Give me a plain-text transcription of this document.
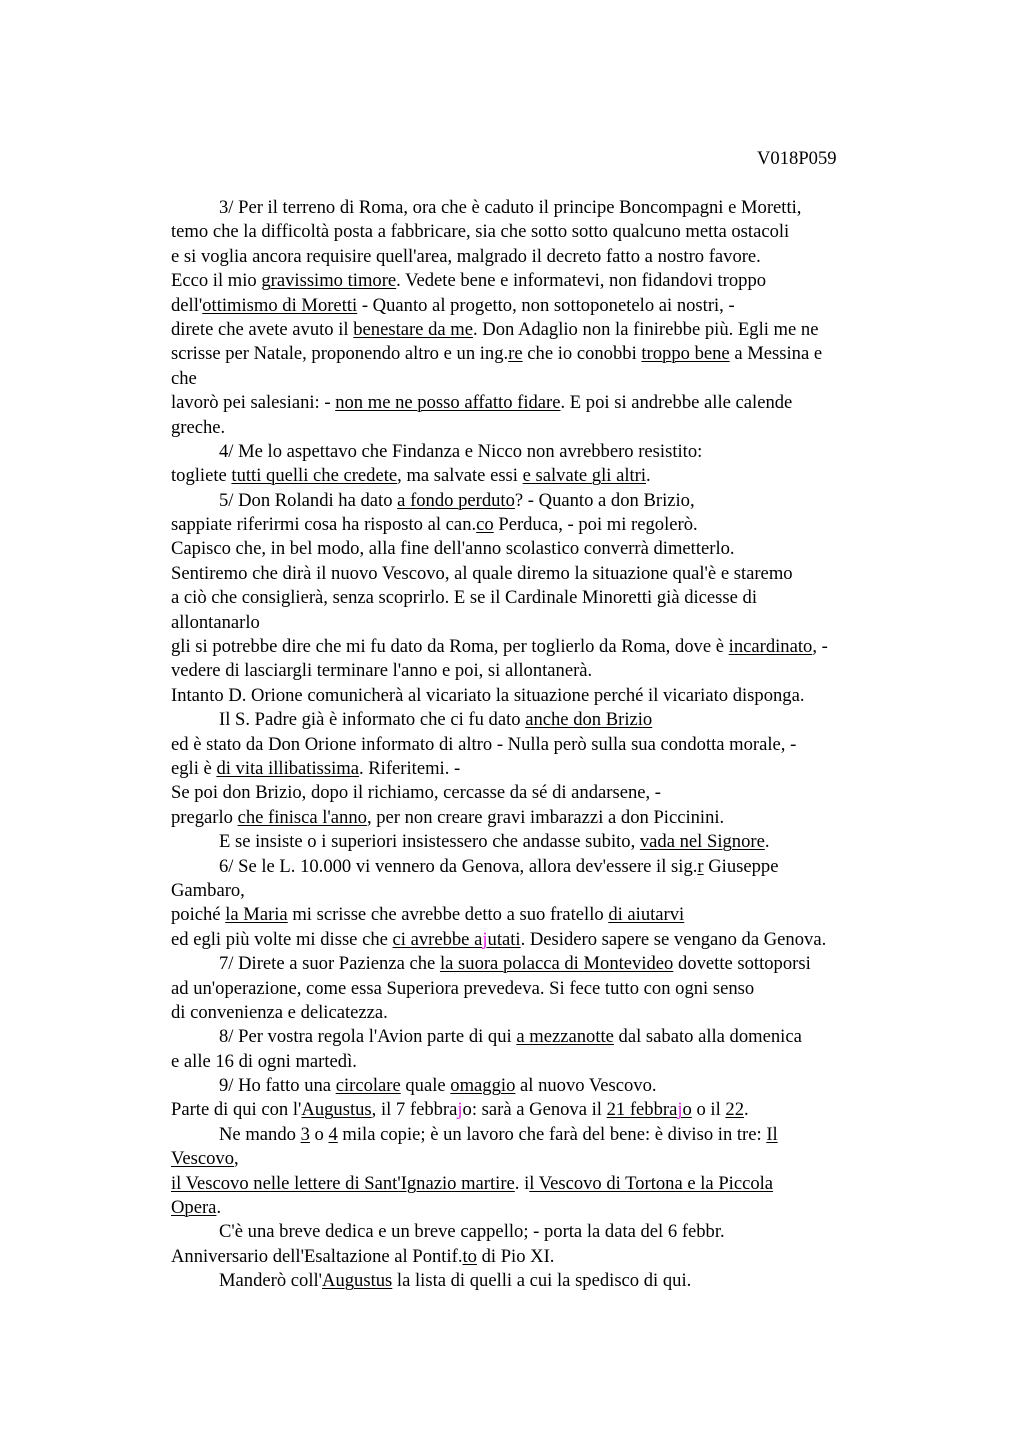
V018P059
3/ Per il terreno di Roma, ora che è caduto il principe Boncompagni e Moretti,
temo che la difficoltà posta a fabbricare, sia che sotto sotto qualcuno metta ostacoli
e si voglia ancora requisire quell'area, malgrado il decreto fatto a nostro favore.
Ecco il mio gravissimo timore. Vedete bene e informatevi, non fidandovi troppo
dell'ottimismo di Moretti - Quanto al progetto, non sottoponetelo ai nostri, -
direte che avete avuto il benestare da me. Don Adaglio non la finirebbe più. Egli me ne
scrisse per Natale, proponendo altro e un ing.re che io conobbi troppo bene a Messina e
che
lavorò pei salesiani: - non me ne posso affatto fidare. E poi si andrebbe alle calende
greche.
4/ Me lo aspettavo che Findanza e Nicco non avrebbero resistito:
togliete tutti quelli che credete, ma salvate essi e salvate gli altri.
5/ Don Rolandi ha dato a fondo perduto? - Quanto a don Brizio,
sappiate riferirmi cosa ha risposto al can.co Perduca, - poi mi regolerò.
Capisco che, in bel modo, alla fine dell'anno scolastico converrà dimetterlo.
Sentiremo che dirà il nuovo Vescovo, al quale diremo la situazione qual'è e staremo
a ciò che consiglierà, senza scoprirlo. E se il Cardinale Minoretti già dicesse di
allontanarlo
gli si potrebbe dire che mi fu dato da Roma, per toglierlo da Roma, dove è incardinato, -
vedere di lasciargli terminare l'anno e poi, si allontanerà.
Intanto D. Orione comunicherà al vicariato la situazione perché il vicariato disponga.
Il S. Padre già è informato che ci fu dato anche don Brizio
ed è stato da Don Orione informato di altro - Nulla però sulla sua condotta morale, -
egli è di vita illibatissima. Riferitemi. -
Se poi don Brizio, dopo il richiamo, cercasse da sé di andarsene, -
pregarlo che finisca l'anno, per non creare gravi imbarazzi a don Piccinini.
E se insiste o i superiori insistessero che andasse subito, vada nel Signore.
6/ Se le L. 10.000 vi vennero da Genova, allora dev'essere il sig.r Giuseppe
Gambaro,
poiché la Maria mi scrisse che avrebbe detto a suo fratello di aiutarvi
ed egli più volte mi disse che ci avrebbe ajutati. Desidero sapere se vengano da Genova.
7/ Direte a suor Pazienza che la suora polacca di Montevideo dovette sottoporsi
ad un'operazione, come essa Superiora prevedeva. Si fece tutto con ogni senso
di convenienza e delicatezza.
8/ Per vostra regola l'Avion parte di qui a mezzanotte dal sabato alla domenica
e alle 16 di ogni martedì.
9/ Ho fatto una circolare quale omaggio al nuovo Vescovo.
Parte di qui con l'Augustus, il 7 febbrajo: sarà a Genova il 21 febbrajo o il 22.
Ne mando 3 o 4 mila copie; è un lavoro che farà del bene: è diviso in tre: Il
Vescovo,
il Vescovo nelle lettere di Sant'Ignazio martire. il Vescovo di Tortona e la Piccola
Opera.
C'è una breve dedica e un breve cappello; - porta la data del 6 febbr.
Anniversario dell'Esaltazione al Pontif.to di Pio XI.
Manderò coll'Augustus la lista di quelli a cui la spedisco di qui.
